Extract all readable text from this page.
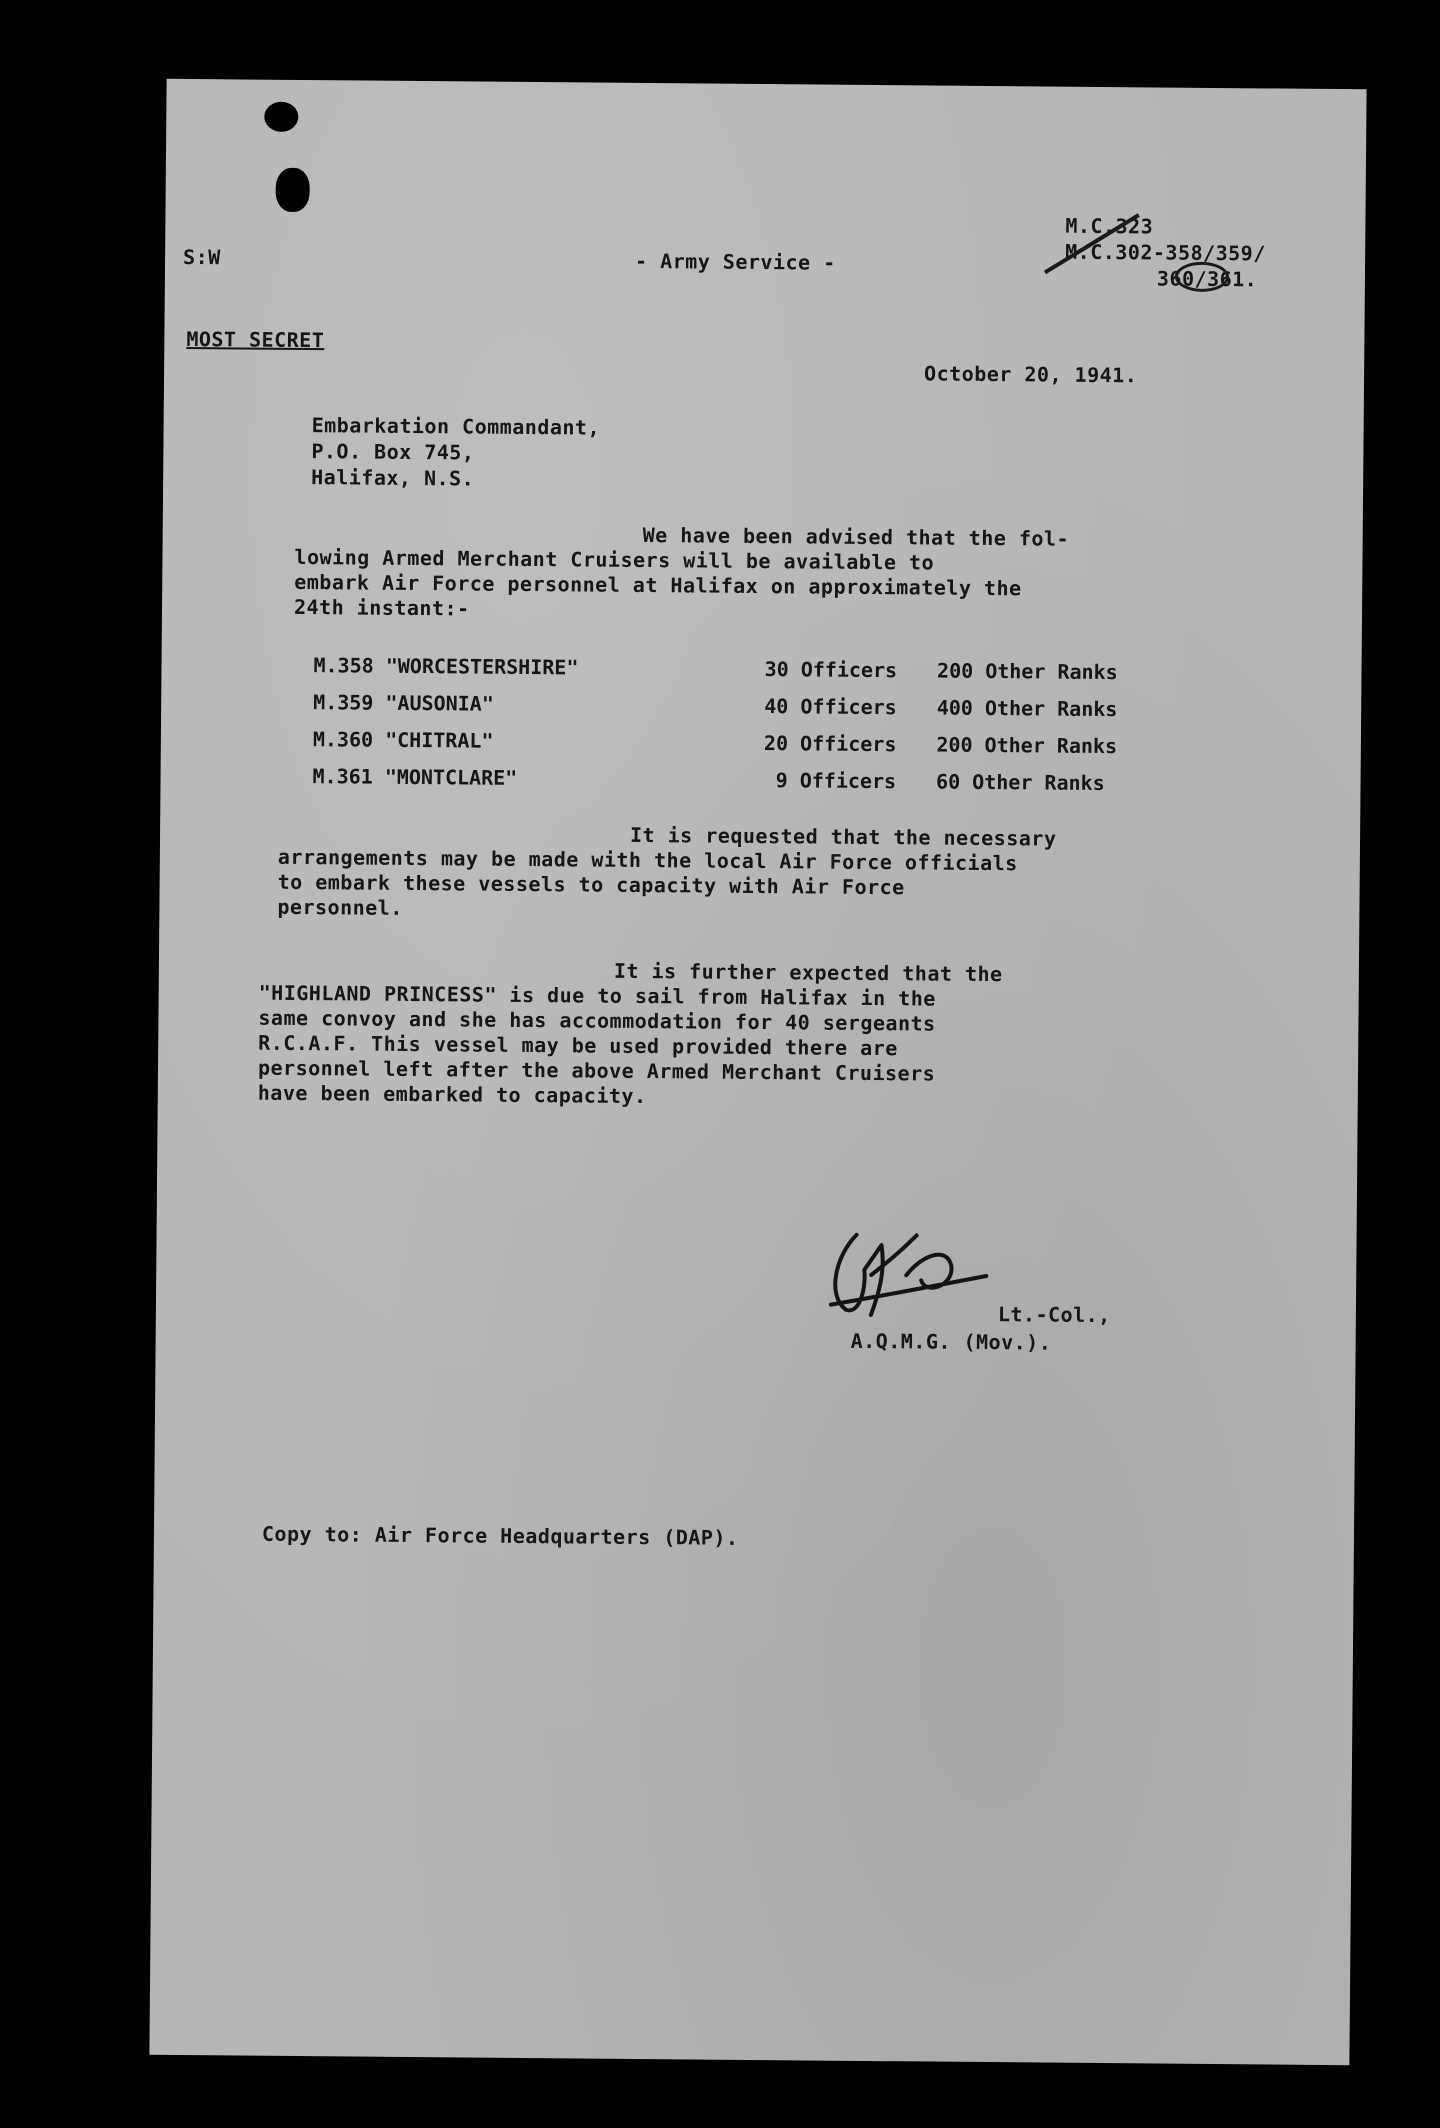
S:W	- Army Service -
M.C.323
M.C.302-358/359/
360/361.
MOST SECRET
October 20, 1941.
Embarkation Commandant,
P.O. Box 745,
Halifax, N.S.
We have been advised that the fol-
lowing Armed Merchant Cruisers will be available to
embark Air Force personnel at Halifax on approximately the
24th instant:-
M.358 "WORCESTERSHIRE"	30 Officers	200 Other Ranks
M.359 "AUSONIA"	40 Officers	400 Other Ranks
M.360 "CHITRAL"	20 Officers	200 Other Ranks
M.361 "MONTCLARE"	9 Officers	60 Other Ranks
It is requested that the necessary
arrangements may be made with the local Air Force officials
to embark these vessels to capacity with Air Force
personnel.
It is further expected that the
"HIGHLAND PRINCESS" is due to sail from Halifax in the
same convoy and she has accommodation for 40 sergeants
R.C.A.F. This vessel may be used provided there are
personnel left after the above Armed Merchant Cruisers
have been embarked to capacity.
Lt.-Col.,
A.Q.M.G. (Mov.).
Copy to: Air Force Headquarters (DAP).
